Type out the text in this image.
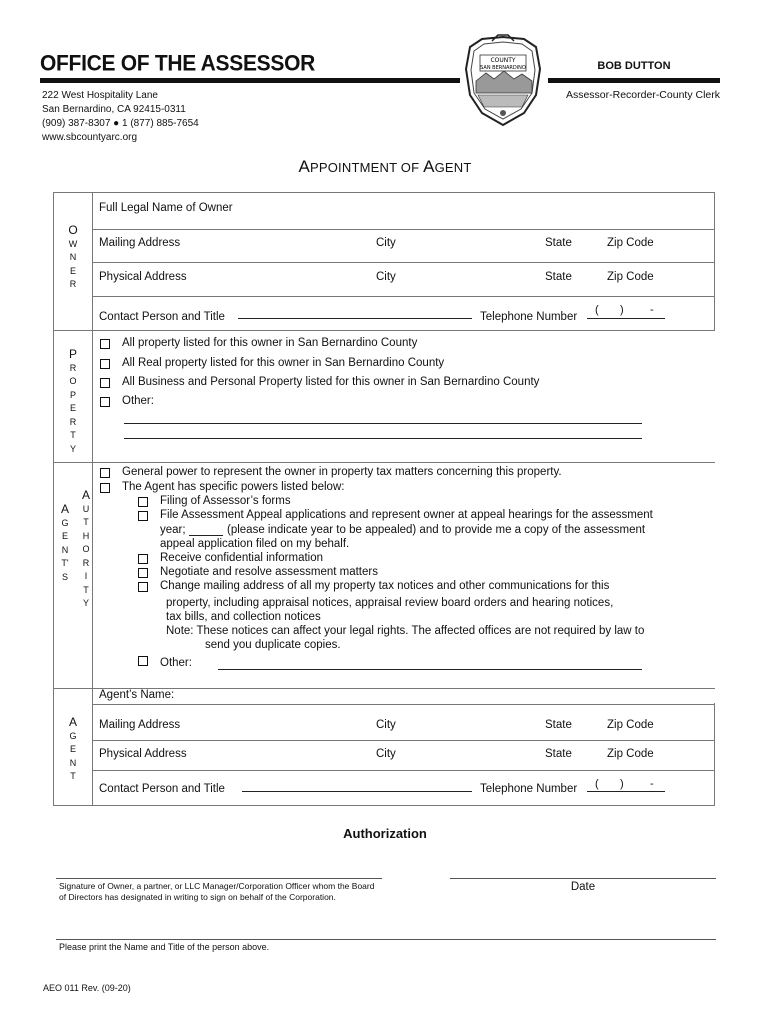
OFFICE OF THE ASSESSOR
222 West Hospitality Lane
San Bernardino, CA 92415-0311
(909) 387-8307 ● 1 (877) 885-7654
www.sbcountyarc.org
BOB DUTTON
Assessor-Recorder-County Clerk
COUNTY
SAN BERNARDINO
APPOINTMENT OF AGENT
O
W
N
E
R
Full Legal Name of Owner
Mailing Address	City	State	Zip Code
Physical Address	City	State	Zip Code
Contact Person and Title	Telephone Number
( ) -
P
R
O
P
E
R
T
Y
All property listed for this owner in San Bernardino County
All Real property listed for this owner in San Bernardino County
All Business and Personal Property listed for this owner in San Bernardino County
Other:
A
G
E
N
T'
S
A
U
T
H
O
R
I
T
Y
General power to represent the owner in property tax matters concerning this property.
The Agent has specific powers listed below:
Filing of Assessor’s forms
File Assessment Appeal applications and represent owner at appeal hearings for the assessment
year;	(please indicate year to be appealed) and to provide me a copy of the assessment
appeal application filed on my behalf.
Receive confidential information
Negotiate and resolve assessment matters
Change mailing address of all my property tax notices and other communications for this
property, including appraisal notices, appraisal review board orders and hearing notices,
tax bills, and collection notices
Note: These notices can affect your legal rights. The affected offices are not required by law to
send you duplicate copies.
Other:
A
G
E
N
T
Agent’s Name:
Mailing Address	City	State	Zip Code
Physical Address	City	State	Zip Code
Contact Person and Title	Telephone Number ( ) -
Authorization
Signature of Owner, a partner, or LLC Manager/Corporation Officer whom the Board of Directors has designated in writing to sign on behalf of the Corporation.
Date
Please print the Name and Title of the person above.
AEO 011 Rev. (09-20)
